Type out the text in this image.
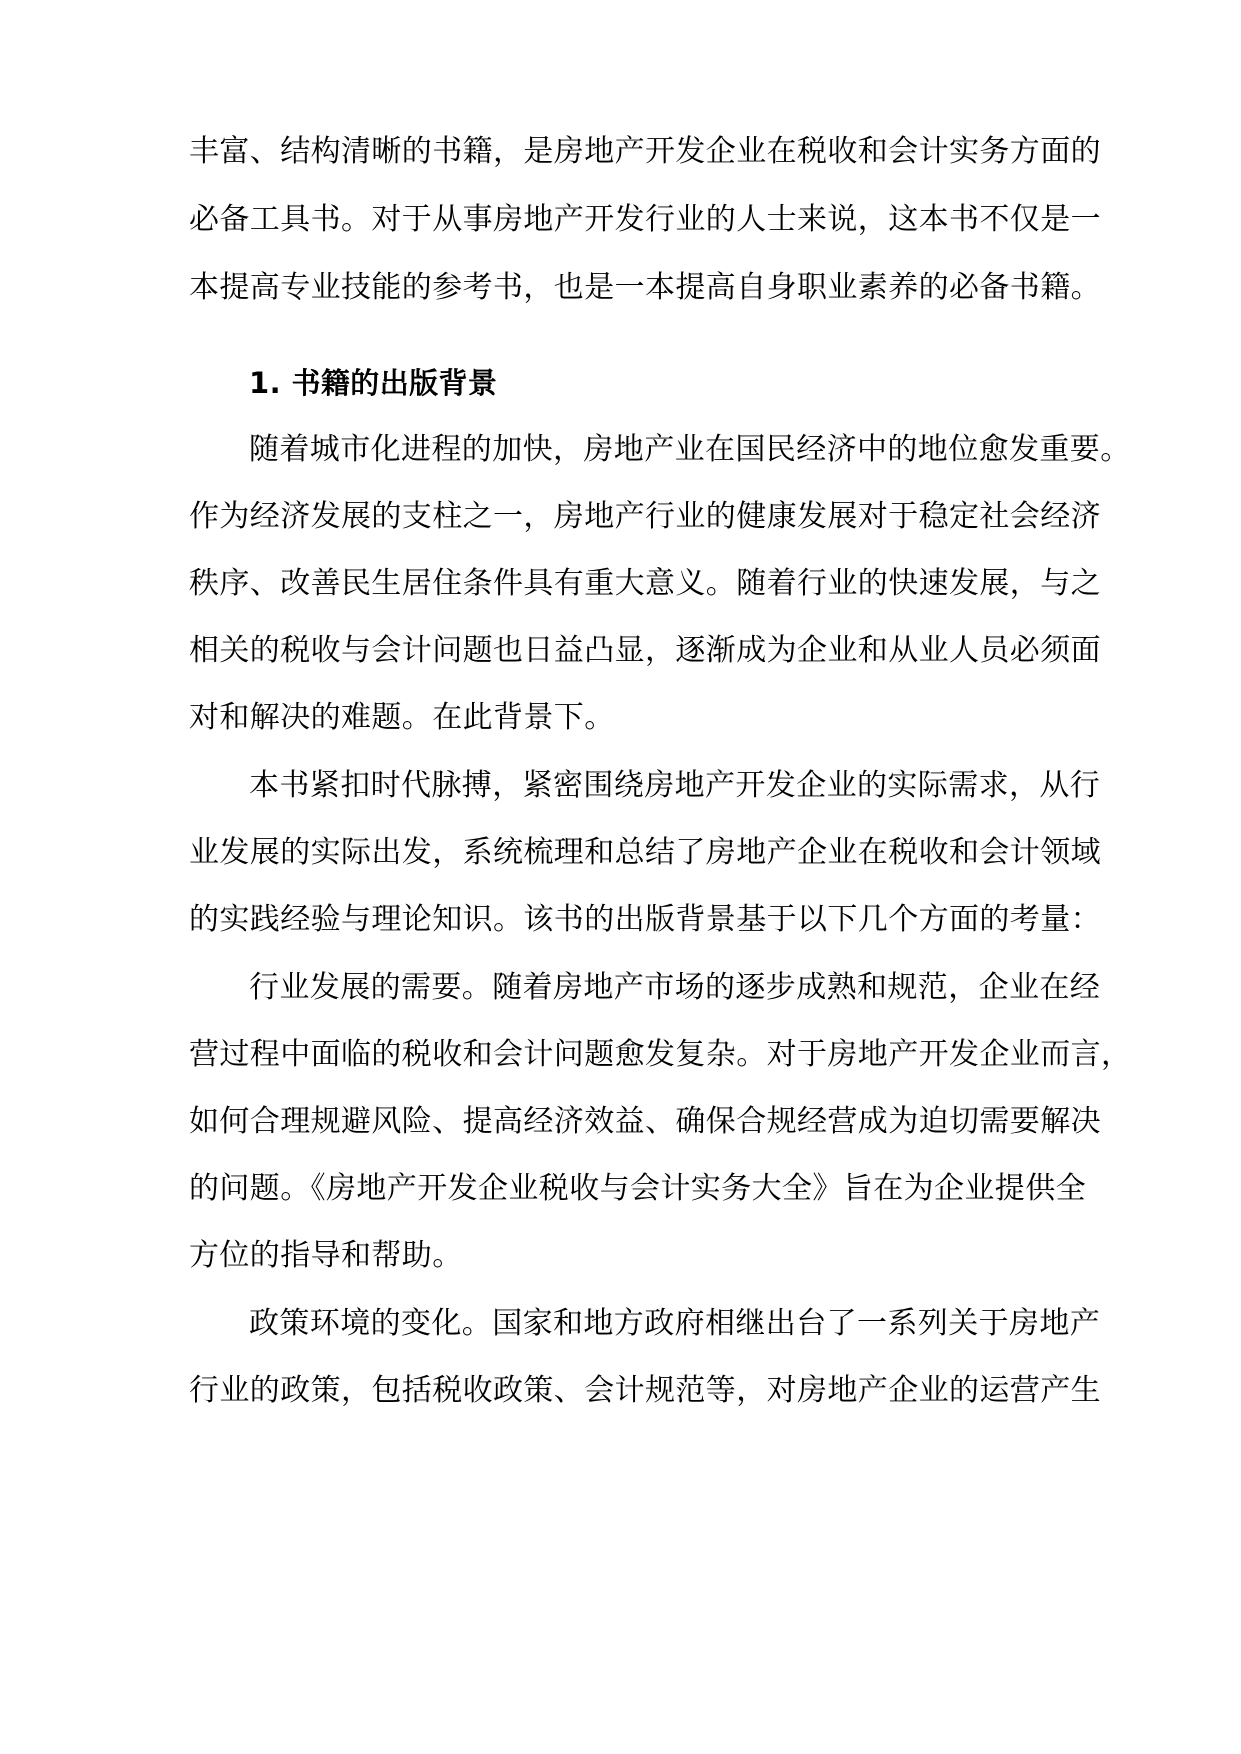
丰富、结构清晰的书籍，是房地产开发企业在税收和会计实务方面的
必备工具书。对于从事房地产开发行业的人士来说，这本书不仅是一
本提高专业技能的参考书，也是一本提高自身职业素养的必备书籍。
1. 书籍的出版背景
随着城市化进程的加快，房地产业在国民经济中的地位愈发重要。
作为经济发展的支柱之一，房地产行业的健康发展对于稳定社会经济
秩序、改善民生居住条件具有重大意义。随着行业的快速发展，与之
相关的税收与会计问题也日益凸显，逐渐成为企业和从业人员必须面
对和解决的难题。在此背景下。
本书紧扣时代脉搏，紧密围绕房地产开发企业的实际需求，从行
业发展的实际出发，系统梳理和总结了房地产企业在税收和会计领域
的实践经验与理论知识。该书的出版背景基于以下几个方面的考量：
行业发展的需要。随着房地产市场的逐步成熟和规范，企业在经
营过程中面临的税收和会计问题愈发复杂。对于房地产开发企业而言，
如何合理规避风险、提高经济效益、确保合规经营成为迫切需要解决
的问题。《房地产开发企业税收与会计实务大全》旨在为企业提供全
方位的指导和帮助。
政策环境的变化。国家和地方政府相继出台了一系列关于房地产
行业的政策，包括税收政策、会计规范等，对房地产企业的运营产生
